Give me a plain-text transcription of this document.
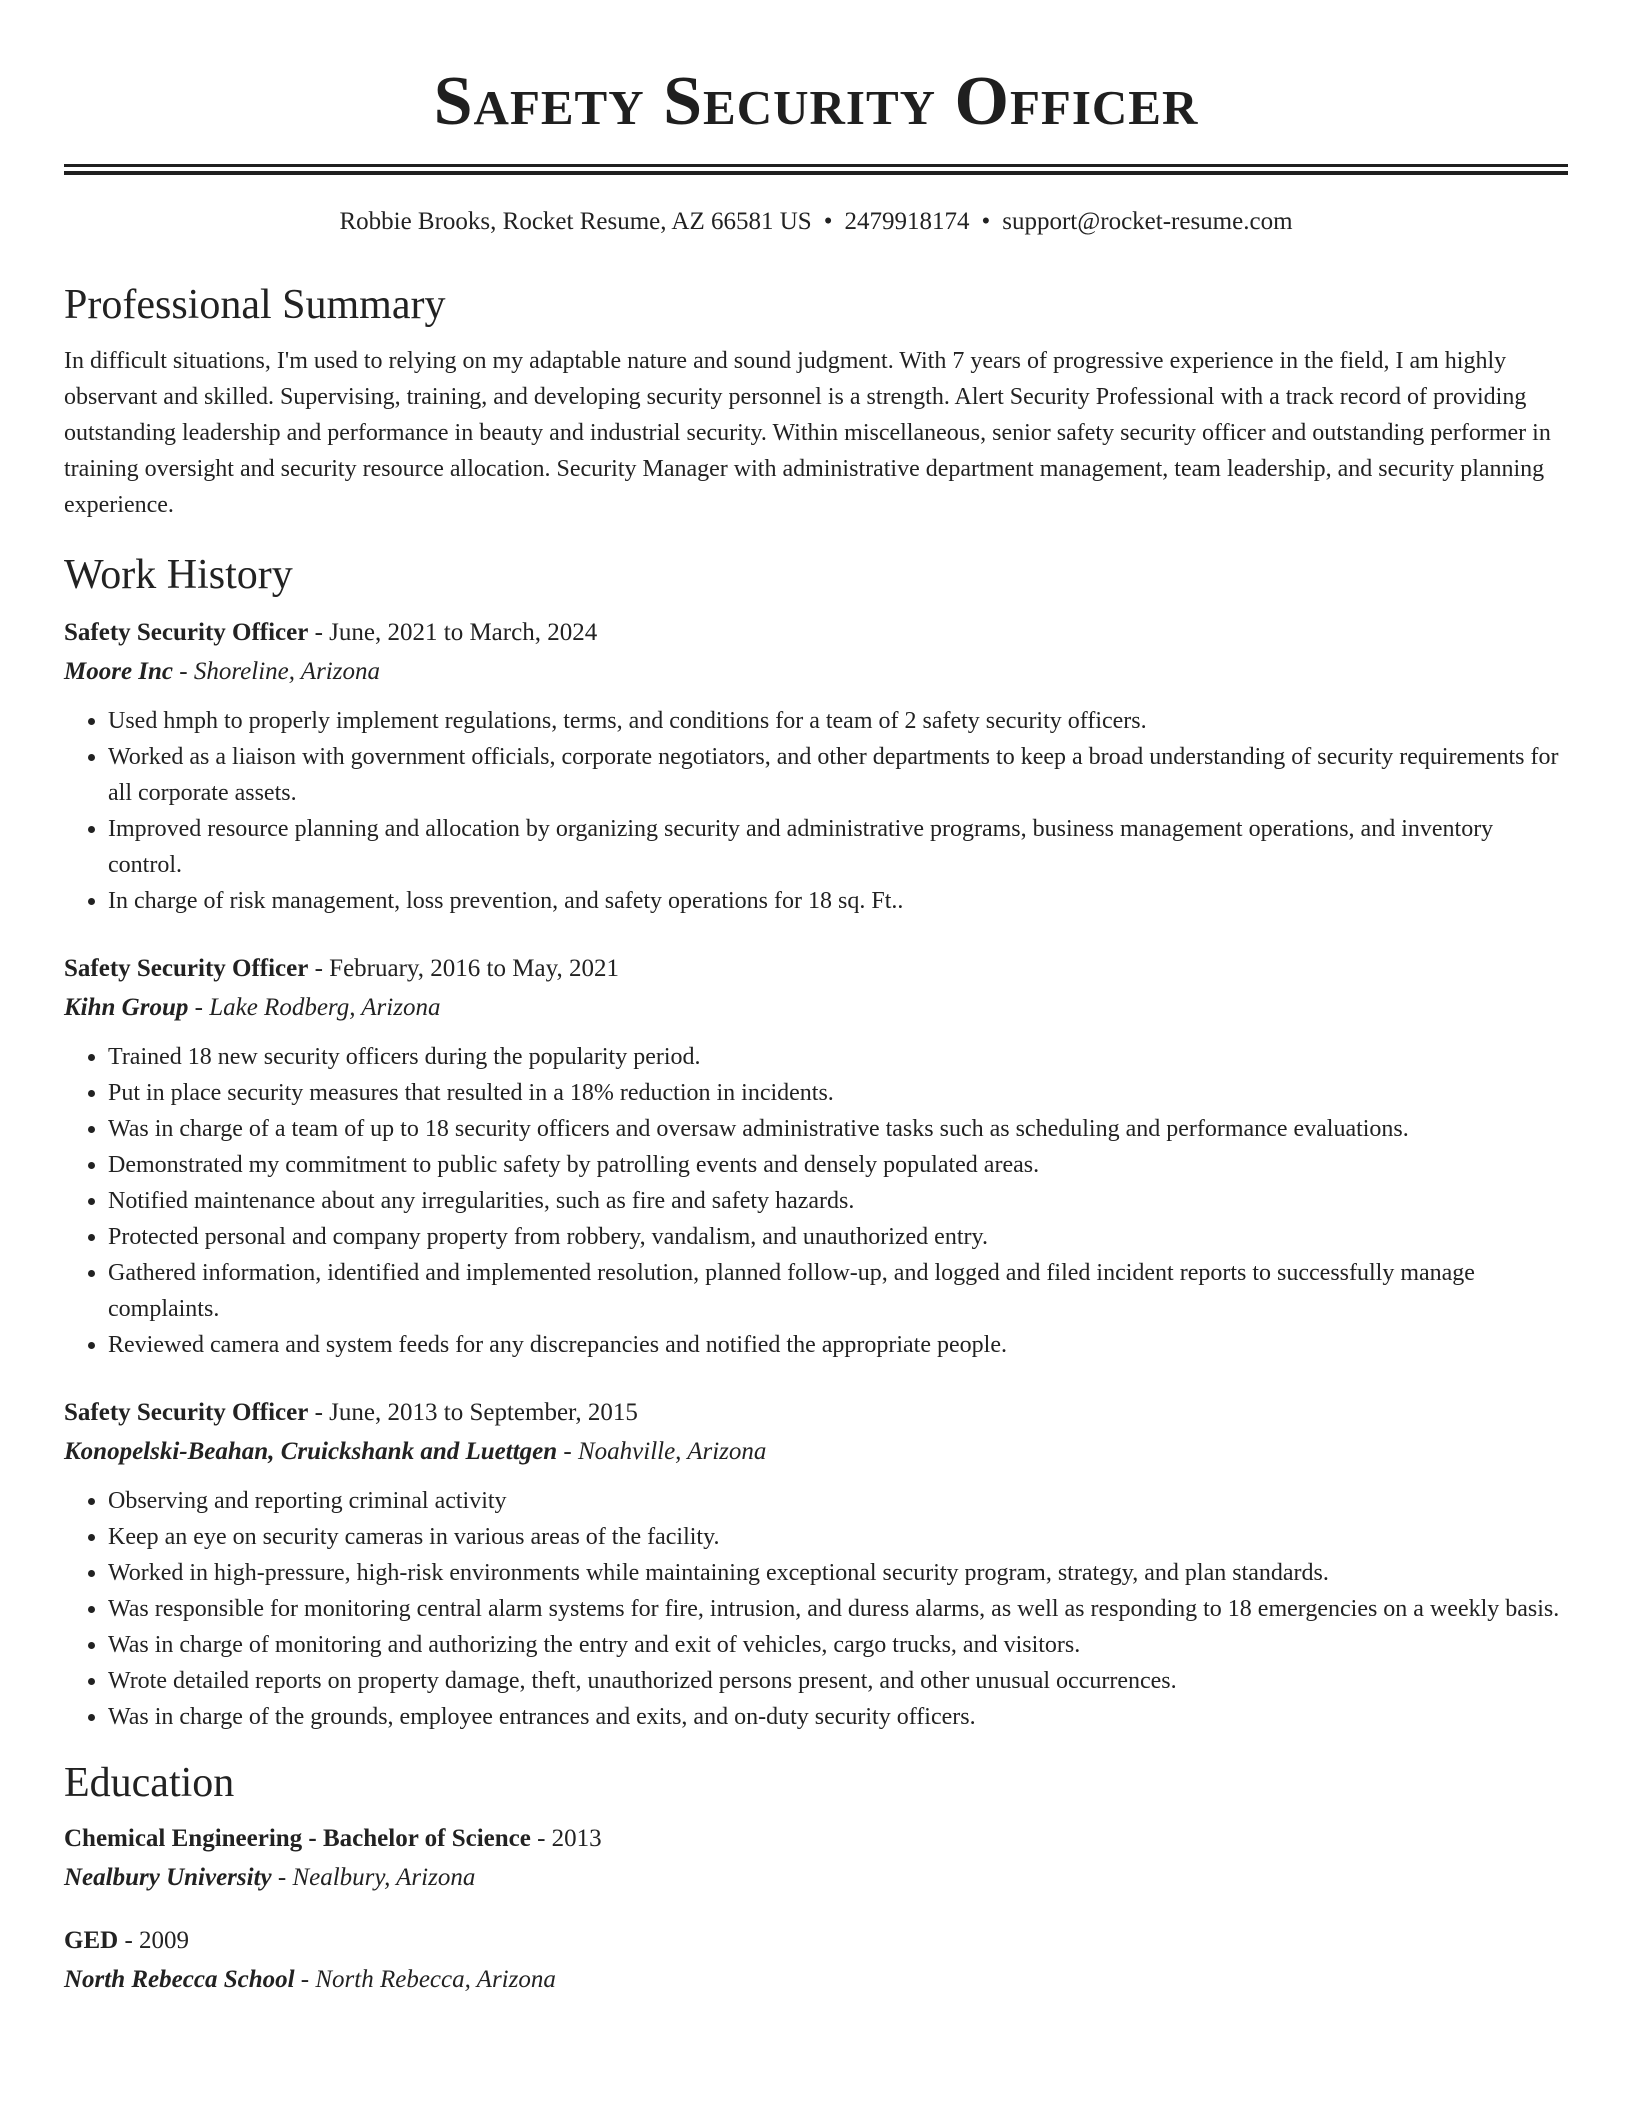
Safety Security Officer
Robbie Brooks, Rocket Resume, AZ 66581 US • 2479918174 • support@rocket-resume.com
Professional Summary

In difficult situations, I'm used to relying on my adaptable nature and sound judgment. With 7 years of progressive experience in the field, I am highly observant and skilled. Supervising, training, and developing security personnel is a strength. Alert Security Professional with a track record of providing outstanding leadership and performance in beauty and industrial security. Within miscellaneous, senior safety security officer and outstanding performer in training oversight and security resource allocation. Security Manager with administrative department management, team leadership, and security planning experience.

Work History
Safety Security Officer - June, 2021 to March, 2024
Moore Inc - Shoreline, Arizona
• Used hmph to properly implement regulations, terms, and conditions for a team of 2 safety security officers.
• Worked as a liaison with government officials, corporate negotiators, and other departments to keep a broad understanding of security requirements for all corporate assets.
• Improved resource planning and allocation by organizing security and administrative programs, business management operations, and inventory control.
• In charge of risk management, loss prevention, and safety operations for 18 sq. Ft..
Safety Security Officer - February, 2016 to May, 2021
Kihn Group - Lake Rodberg, Arizona
• Trained 18 new security officers during the popularity period.
• Put in place security measures that resulted in a 18% reduction in incidents.
• Was in charge of a team of up to 18 security officers and oversaw administrative tasks such as scheduling and performance evaluations.
• Demonstrated my commitment to public safety by patrolling events and densely populated areas.
• Notified maintenance about any irregularities, such as fire and safety hazards.
• Protected personal and company property from robbery, vandalism, and unauthorized entry.
• Gathered information, identified and implemented resolution, planned follow-up, and logged and filed incident reports to successfully manage complaints.
• Reviewed camera and system feeds for any discrepancies and notified the appropriate people.
Safety Security Officer - June, 2013 to September, 2015
Konopelski-Beahan, Cruickshank and Luettgen - Noahville, Arizona
• Observing and reporting criminal activity
• Keep an eye on security cameras in various areas of the facility.
• Worked in high-pressure, high-risk environments while maintaining exceptional security program, strategy, and plan standards.
• Was responsible for monitoring central alarm systems for fire, intrusion, and duress alarms, as well as responding to 18 emergencies on a weekly basis.
• Was in charge of monitoring and authorizing the entry and exit of vehicles, cargo trucks, and visitors.
• Wrote detailed reports on property damage, theft, unauthorized persons present, and other unusual occurrences.
• Was in charge of the grounds, employee entrances and exits, and on-duty security officers.
Education
Chemical Engineering - Bachelor of Science - 2013
Nealbury University - Nealbury, Arizona
GED - 2009
North Rebecca School - North Rebecca, Arizona
